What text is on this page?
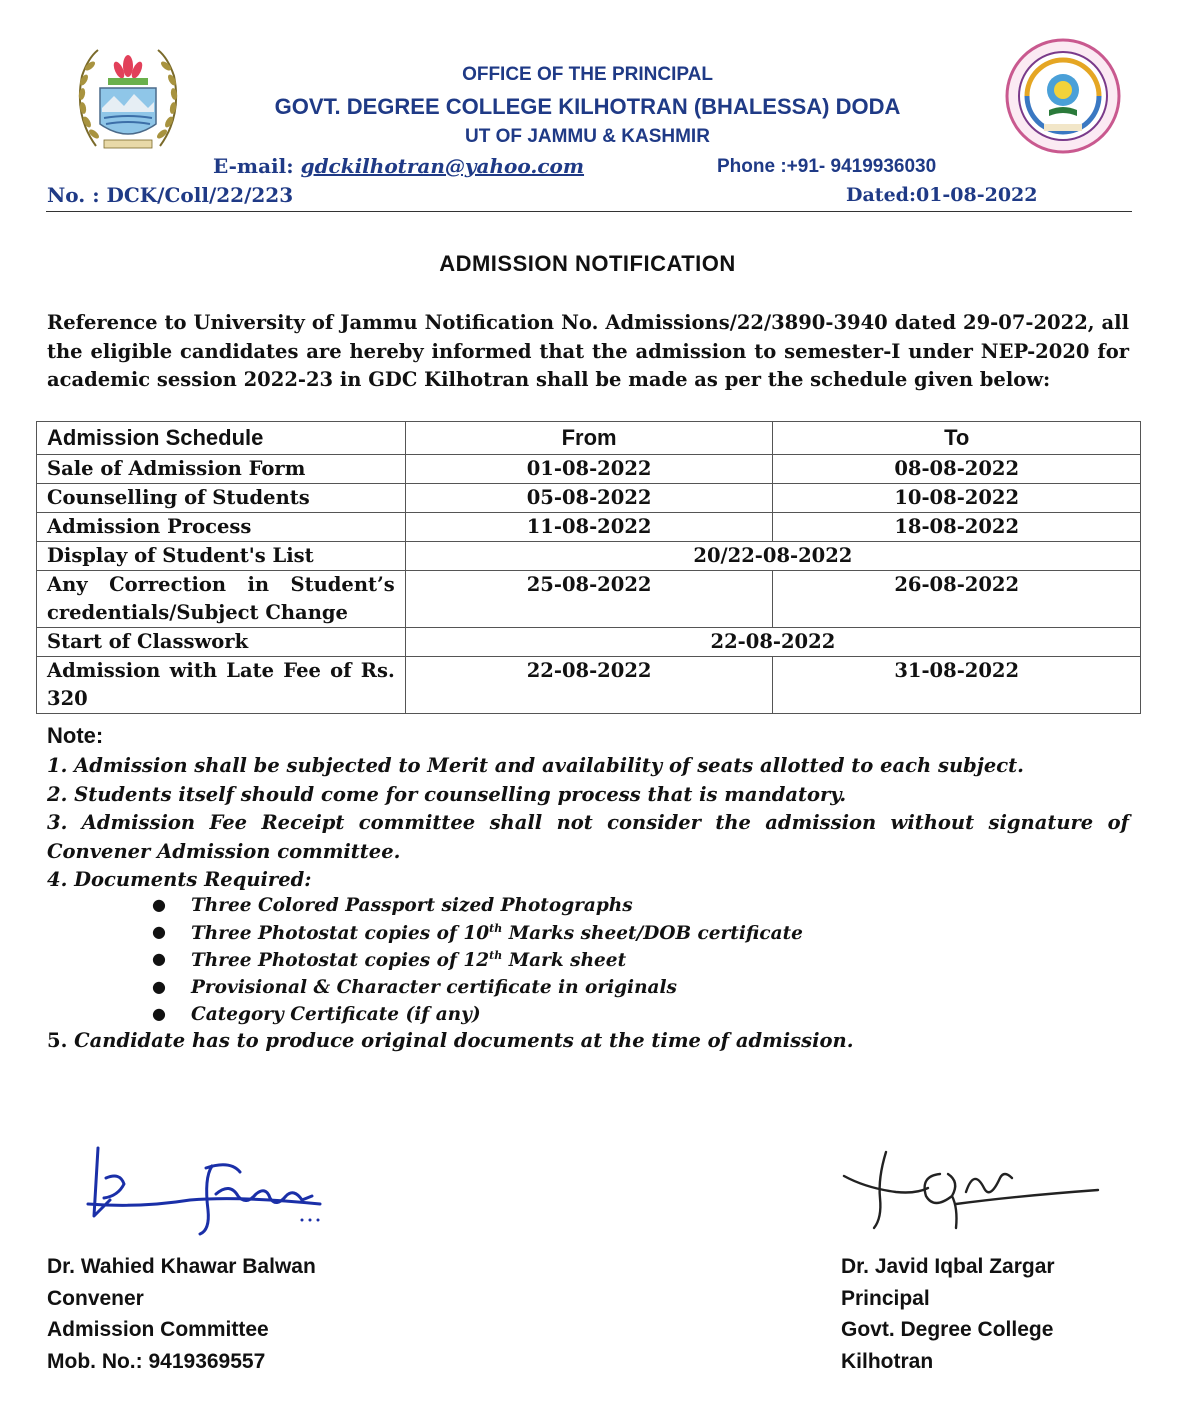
OFFICE OF THE PRINCIPAL
GOVT. DEGREE COLLEGE KILHOTRAN (BHALESSA) DODA
UT OF JAMMU & KASHMIR
E-mail: gdckilhotran@yahoo.com	Phone :+91- 9419936030
No. : DCK/Coll/22/223	Dated:01-08-2022
ADMISSION NOTIFICATION
Reference to University of Jammu Notification No. Admissions/22/3890-3940 dated 29-07-2022, all the eligible candidates are hereby informed that the admission to semester-I under NEP-2020 for academic session 2022-23 in GDC Kilhotran shall be made as per the schedule given below:
Admission Schedule	From	To
Sale of Admission Form	01-08-2022	08-08-2022
Counselling of Students	05-08-2022	10-08-2022
Admission Process	11-08-2022	18-08-2022
Display of Student's List	20/22-08-2022	
Any Correction in Student’s credentials/Subject Change	25-08-2022	26-08-2022
Start of Classwork	22-08-2022	
Admission with Late Fee of Rs. 320	22-08-2022	31-08-2022
Note:
1. Admission shall be subjected to Merit and availability of seats allotted to each subject.
2. Students itself should come for counselling process that is mandatory.
3. Admission Fee Receipt committee shall not consider the admission without signature of Convener Admission committee.
4. Documents Required:
● Three Colored Passport sized Photographs
● Three Photostat copies of 10th Marks sheet/DOB certificate
● Three Photostat copies of 12th Mark sheet
● Provisional & Character certificate in originals
● Category Certificate (if any)
5. Candidate has to produce original documents at the time of admission.
Dr. Wahied Khawar Balwan
Convener
Admission Committee
Mob. No.: 9419369557
Dr. Javid Iqbal Zargar
Principal
Govt. Degree College
Kilhotran
